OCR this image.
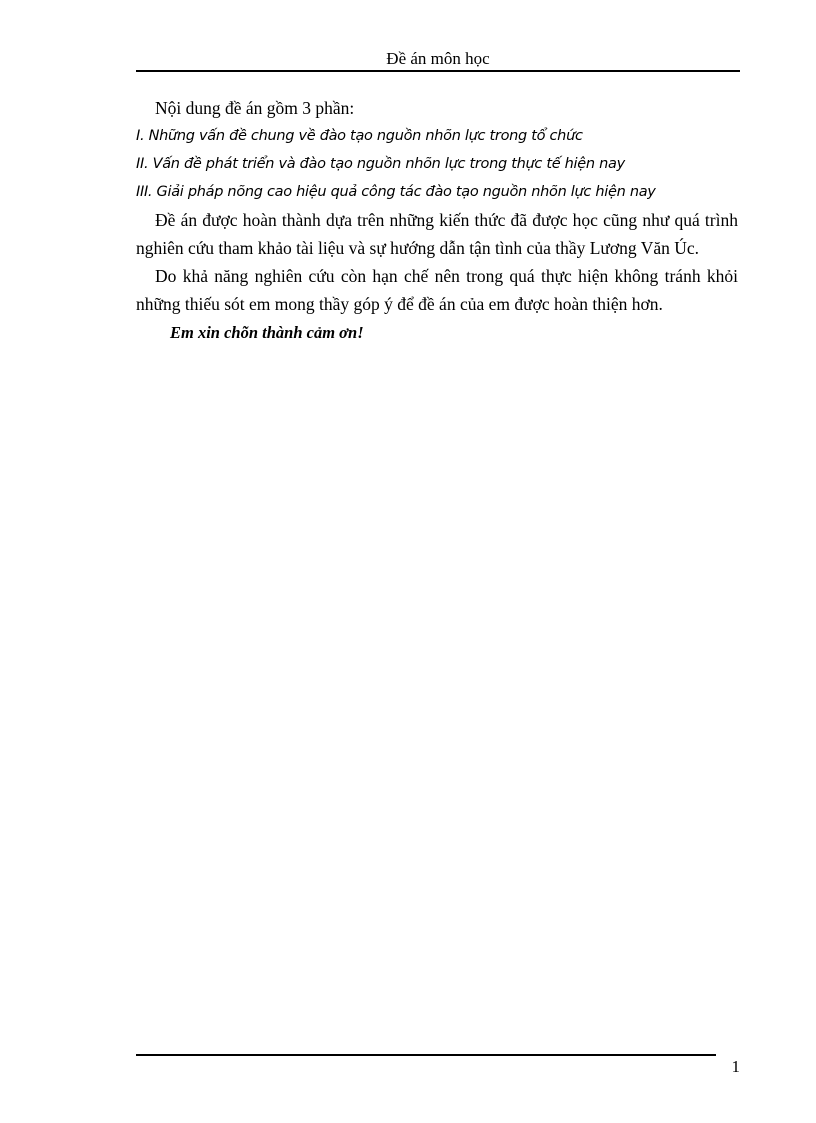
Đề án môn học

Nội dung đề án gồm 3 phần:

I. Những vấn đề chung về đào tạo nguồn nhõn lực trong tổ chức

II. Vấn đề phát triển và đào tạo nguồn nhõn lực trong thực tế hiện nay

III. Giải pháp nõng cao hiệu quả công tác đào tạo nguồn nhõn lực hiện nay

Đề án được hoàn thành dựa trên những kiến thức đã được học cũng như quá trình nghiên cứu tham khảo tài liệu và sự hướng dẫn tận tình của thầy Lương Văn Úc.

Do khả năng nghiên cứu còn hạn chế nên trong quá thực hiện không tránh khỏi những thiếu sót em mong thầy góp ý để đề án của em được hoàn thiện hơn.

Em xin chõn thành cảm ơn!

1
